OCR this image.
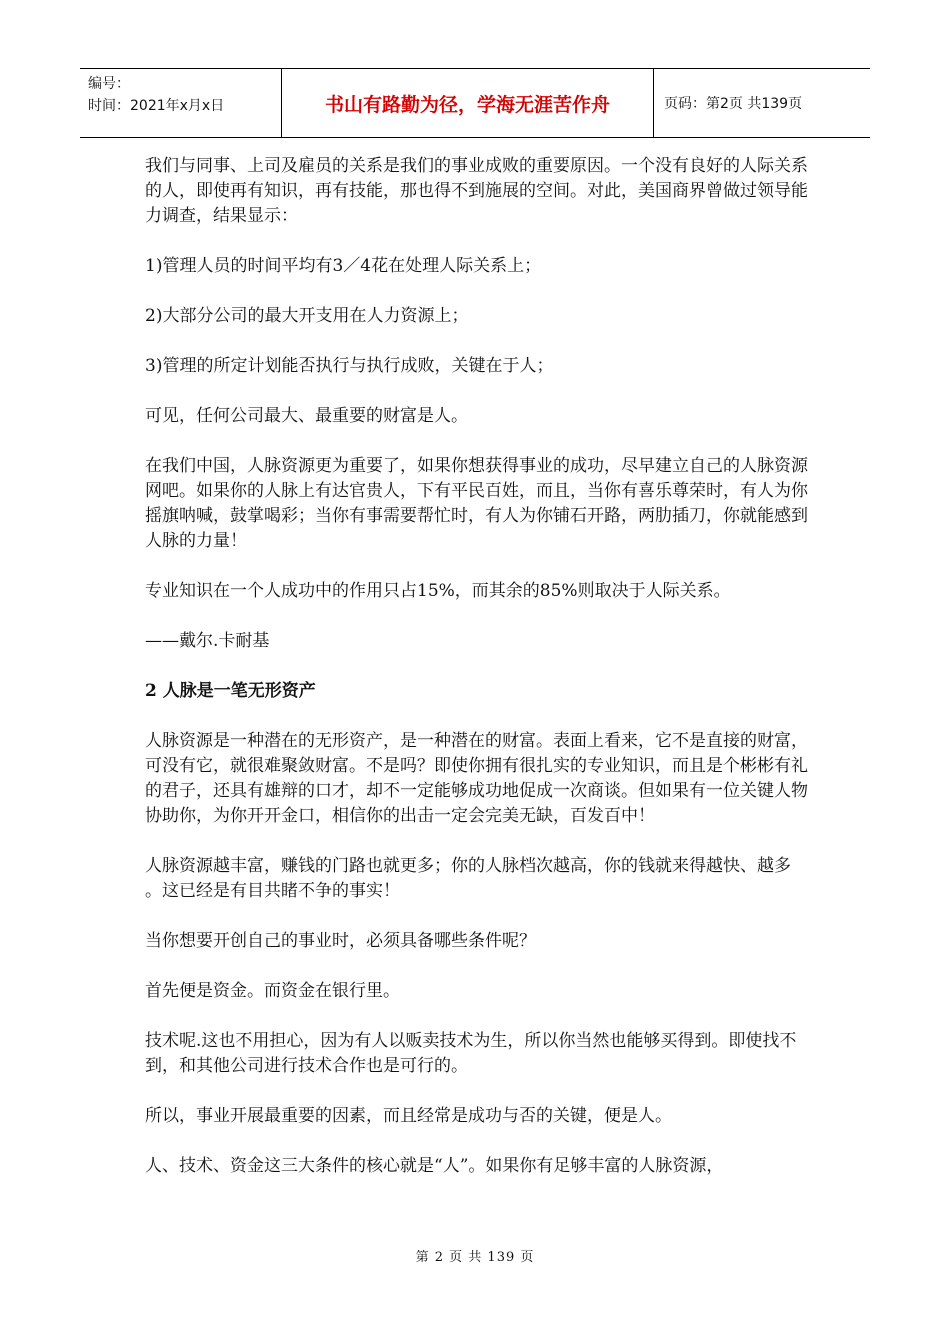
编号：
时间：2021年x月x日	书山有路勤为径，学海无涯苦作舟	页码：第2页 共139页

我们与同事、上司及雇员的关系是我们的事业成败的重要原因。一个没有良好的人际关系的人，即使再有知识，再有技能，那也得不到施展的空间。对此，美国商界曾做过领导能力调查，结果显示：

1)管理人员的时间平均有3／4花在处理人际关系上；

2)大部分公司的最大开支用在人力资源上；

3)管理的所定计划能否执行与执行成败，关键在于人；

可见，任何公司最大、最重要的财富是人。

在我们中国，人脉资源更为重要了，如果你想获得事业的成功，尽早建立自己的人脉资源网吧。如果你的人脉上有达官贵人，下有平民百姓，而且，当你有喜乐尊荣时，有人为你摇旗呐喊，鼓掌喝彩；当你有事需要帮忙时，有人为你铺石开路，两肋插刀，你就能感到人脉的力量！

专业知识在一个人成功中的作用只占15%，而其余的85%则取决于人际关系。

——戴尔.卡耐基

2 人脉是一笔无形资产

人脉资源是一种潜在的无形资产，是一种潜在的财富。表面上看来，它不是直接的财富，可没有它，就很难聚敛财富。不是吗？即使你拥有很扎实的专业知识，而且是个彬彬有礼的君子，还具有雄辩的口才，却不一定能够成功地促成一次商谈。但如果有一位关键人物协助你，为你开开金口，相信你的出击一定会完美无缺，百发百中！

人脉资源越丰富，赚钱的门路也就更多；你的人脉档次越高，你的钱就来得越快、越多

。这已经是有目共睹不争的事实！

当你想要开创自己的事业时，必须具备哪些条件呢？

首先便是资金。而资金在银行里。

技术呢.这也不用担心，因为有人以贩卖技术为生，所以你当然也能够买得到。即使找不到，和其他公司进行技术合作也是可行的。

所以，事业开展最重要的因素，而且经常是成功与否的关键，便是人。

人、技术、资金这三大条件的核心就是“人”。如果你有足够丰富的人脉资源，

第 2 页 共 139 页
